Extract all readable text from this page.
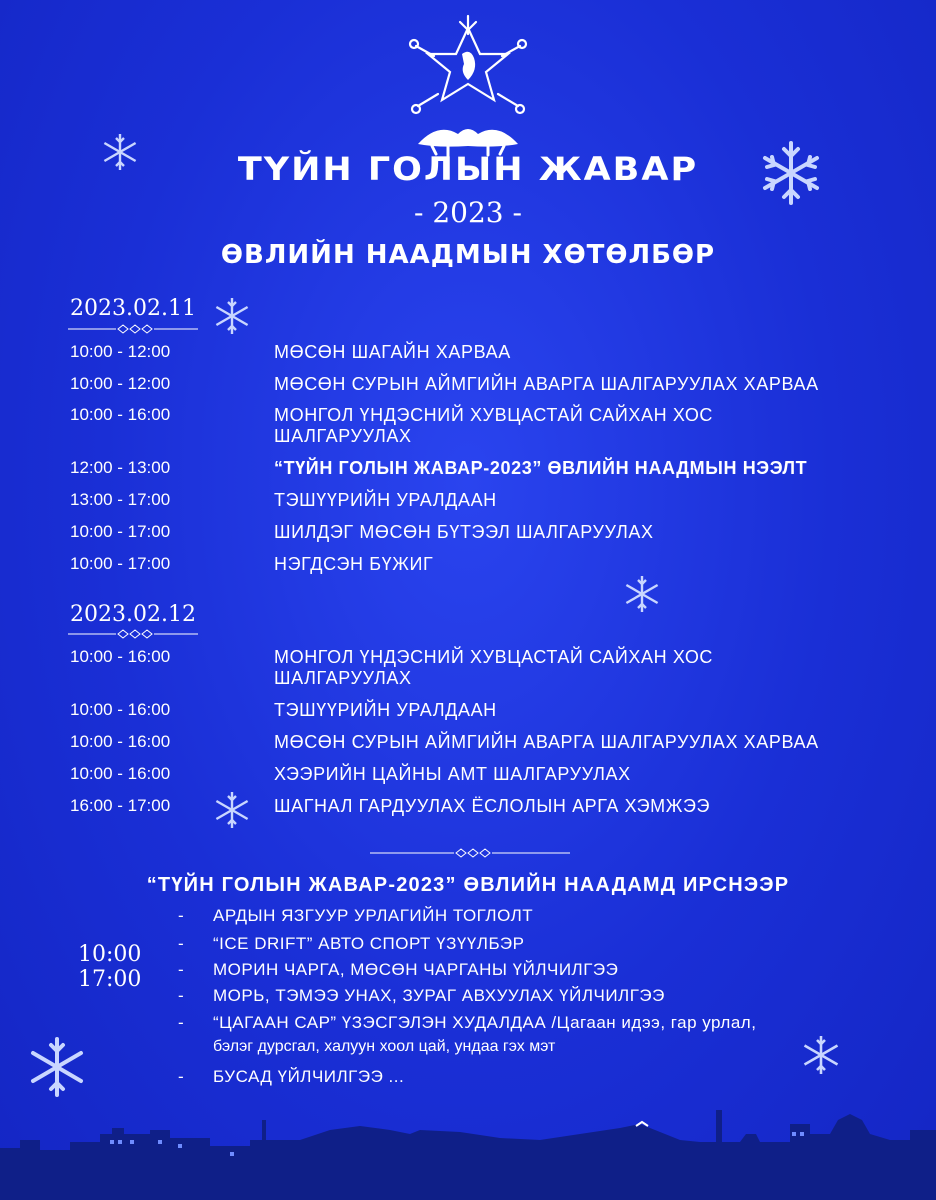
ТҮЙН ГОЛЫН ЖАВАР
- 2023 -
ӨВЛИЙН НААДМЫН ХӨТӨЛБӨР
2023.02.11
10:00 - 12:00	МӨСӨН ШАГАЙН ХАРВАА
10:00 - 12:00	МӨСӨН СУРЫН АЙМГИЙН АВАРГА ШАЛГАРУУЛАХ ХАРВАА
10:00 - 16:00	МОНГОЛ ҮНДЭСНИЙ ХУВЦАСТАЙ САЙХАН ХОС ШАЛГАРУУЛАХ
12:00 - 13:00	“ТҮЙН ГОЛЫН ЖАВАР-2023” ӨВЛИЙН НААДМЫН НЭЭЛТ
13:00 - 17:00	ТЭШҮҮРИЙН УРАЛДААН
10:00 - 17:00	ШИЛДЭГ МӨСӨН БҮТЭЭЛ ШАЛГАРУУЛАХ
10:00 - 17:00	НЭГДСЭН БҮЖИГ
2023.02.12
10:00 - 16:00	МОНГОЛ ҮНДЭСНИЙ ХУВЦАСТАЙ САЙХАН ХОС ШАЛГАРУУЛАХ
10:00 - 16:00	ТЭШҮҮРИЙН УРАЛДААН
10:00 - 16:00	МӨСӨН СУРЫН АЙМГИЙН АВАРГА ШАЛГАРУУЛАХ ХАРВАА
10:00 - 16:00	ХЭЭРИЙН ЦАЙНЫ АМТ ШАЛГАРУУЛАХ
16:00 - 17:00	ШАГНАЛ ГАРДУУЛАХ ЁСЛОЛЫН АРГА ХЭМЖЭЭ
“ТҮЙН ГОЛЫН ЖАВАР-2023” ӨВЛИЙН НААДАМД ИРСНЭЭР
10:00
17:00
-	АРДЫН ЯЗГУУР УРЛАГИЙН ТОГЛОЛТ
-	“ICE DRIFT” АВТО СПОРТ ҮЗҮҮЛБЭР
-	МОРИН ЧАРГА, МӨСӨН ЧАРГАНЫ ҮЙЛЧИЛГЭЭ
-	МОРЬ, ТЭМЭЭ УНАХ, ЗУРАГ АВХУУЛАХ ҮЙЛЧИЛГЭЭ
-	“ЦАГААН САР” ҮЗЭСГЭЛЭН ХУДАЛДАА /Цагаан идээ, гар урлал,
бэлэг дурсгал, халуун хоол цай, ундаа гэх мэт
-	БУСАД ҮЙЛЧИЛГЭЭ ...
